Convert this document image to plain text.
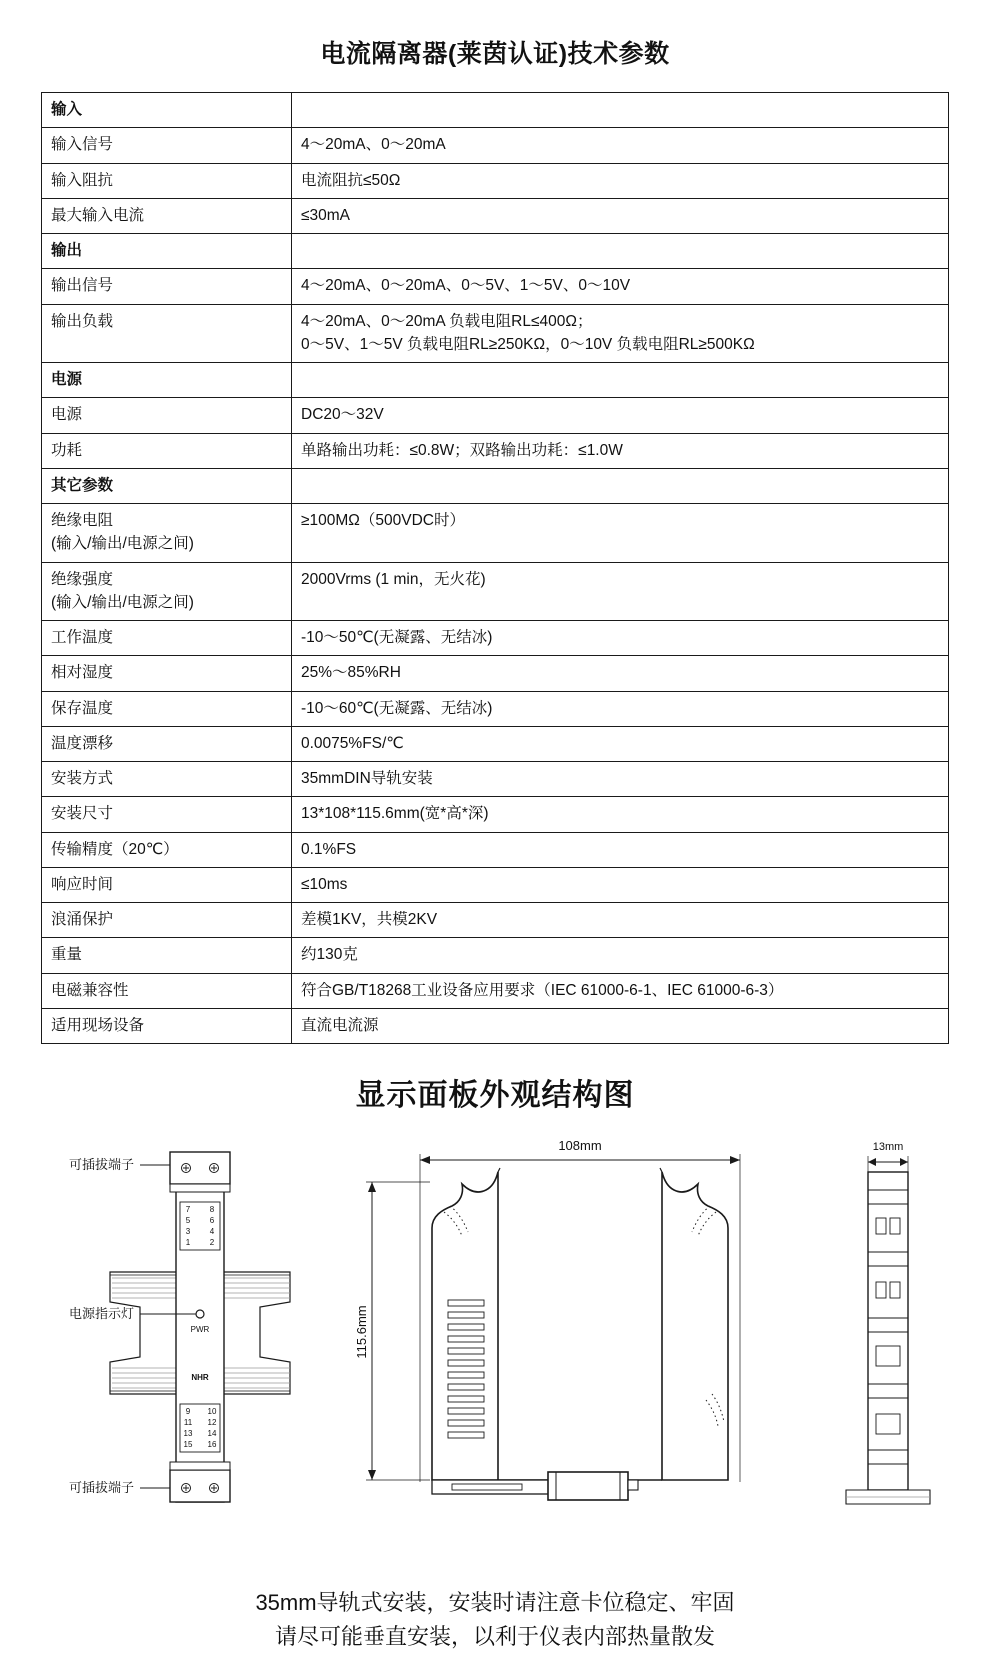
电流隔离器(莱茵认证)技术参数
输入	

输入信号	4～20mA、0～20mA

输入阻抗	电流阻抗≤50Ω

最大输入电流	≤30mA

输出	

输出信号	4～20mA、0～20mA、0～5V、1～5V、0～10V

输出负载	4～20mA、0～20mA 负载电阻RL≤400Ω；
0～5V、1～5V 负载电阻RL≥250KΩ，0～10V 负载电阻RL≥500KΩ

电源	

电源	DC20～32V

功耗	单路输出功耗：≤0.8W；双路输出功耗：≤1.0W

其它参数	

绝缘电阻
(输入/输出/电源之间)	≥100MΩ（500VDC时）

绝缘强度
(输入/输出/电源之间)	2000Vrms (1 min，无火花)

工作温度	-10～50℃(无凝露、无结冰)

相对湿度	25%～85%RH

保存温度	-10～60℃(无凝露、无结冰)

温度漂移	0.0075%FS/℃

安装方式	35mmDIN导轨安装

安装尺寸	13*108*115.6mm(宽*高*深)

传输精度（20℃）	0.1%FS

响应时间	≤10ms

浪涌保护	差模1KV，共模2KV

重量	约130克

电磁兼容性	符合GB/T18268工业设备应用要求（IEC 61000-6-1、IEC 61000-6-3）

适用现场设备	直流电流源
显示面板外观结构图
7 8
5 6
3 4
1 2
9 10
11 12
13 14
15 16
PWR
NHR
可插拔端子
电源指示灯
可插拔端子
108mm
115.6mm
13mm
35mm导轨式安装，安装时请注意卡位稳定、牢固
请尽可能垂直安装，以利于仪表内部热量散发
